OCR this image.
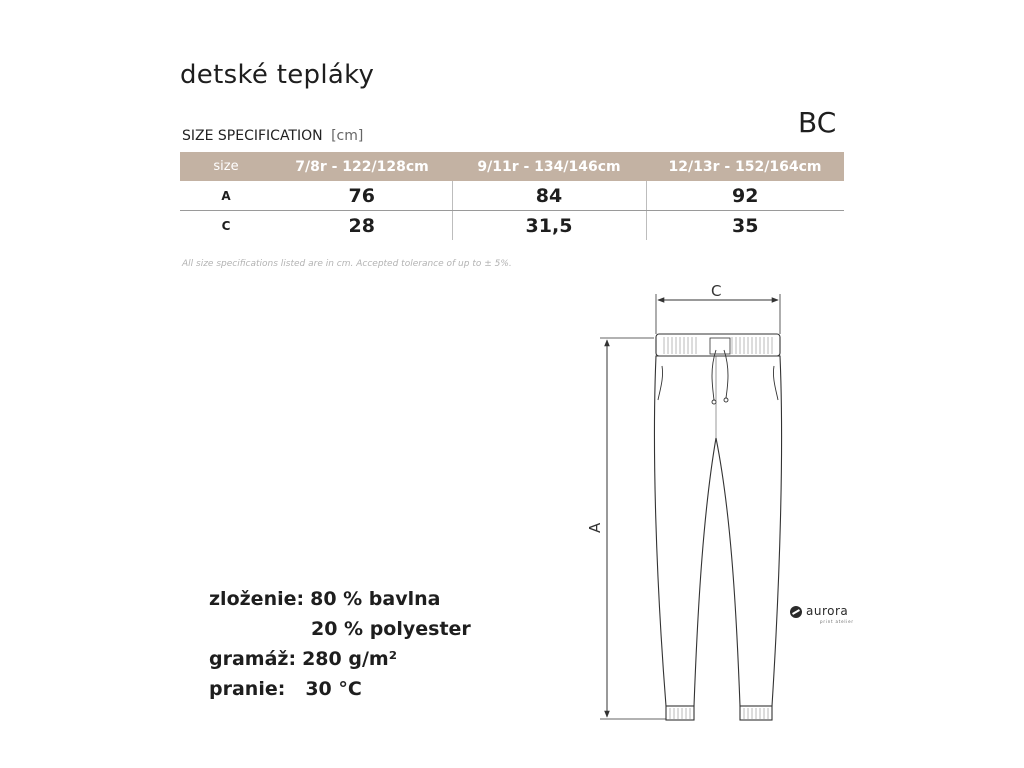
detské tepláky
BC
SIZE SPECIFICATION [cm]
size	7/8r - 122/128cm	9/11r - 134/146cm	12/13r - 152/164cm
A	76	84	92
C	28	31,5	35
All size specifications listed are in cm. Accepted tolerance of up to ± 5%.
C
A
aurora
print atelier
zloženie: 80 % bavlna
20 % polyester
gramáž: 280 g/m²
pranie: 30 °C
